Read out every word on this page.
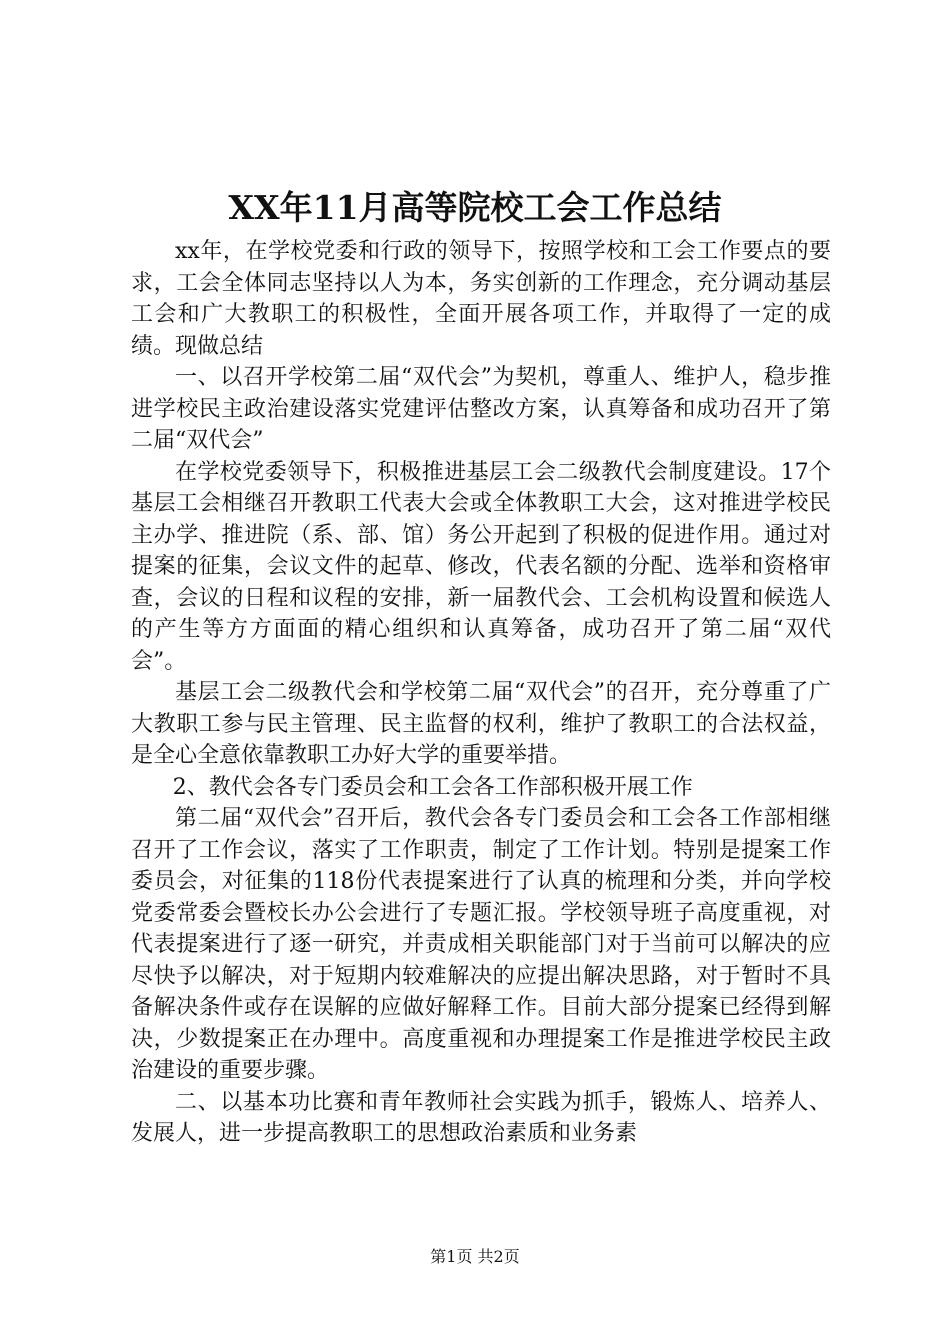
XX年11月高等院校工会工作总结

xx年，在学校党委和行政的领导下，按照学校和工会工作要点的要求，工会全体同志坚持以人为本，务实创新的工作理念，充分调动基层工会和广大教职工的积极性，全面开展各项工作，并取得了一定的成绩。现做总结

一、以召开学校第二届“双代会”为契机，尊重人、维护人，稳步推进学校民主政治建设落实党建评估整改方案，认真筹备和成功召开了第二届“双代会”

在学校党委领导下，积极推进基层工会二级教代会制度建设。17个基层工会相继召开教职工代表大会或全体教职工大会，这对推进学校民主办学、推进院（系、部、馆）务公开起到了积极的促进作用。通过对提案的征集，会议文件的起草、修改，代表名额的分配、选举和资格审查，会议的日程和议程的安排，新一届教代会、工会机构设置和候选人的产生等方方面面的精心组织和认真筹备，成功召开了第二届“双代会”。

基层工会二级教代会和学校第二届“双代会”的召开，充分尊重了广大教职工参与民主管理、民主监督的权利，维护了教职工的合法权益，是全心全意依靠教职工办好大学的重要举措。

2、教代会各专门委员会和工会各工作部积极开展工作

第二届“双代会”召开后，教代会各专门委员会和工会各工作部相继召开了工作会议，落实了工作职责，制定了工作计划。特别是提案工作委员会，对征集的118份代表提案进行了认真的梳理和分类，并向学校党委常委会暨校长办公会进行了专题汇报。学校领导班子高度重视，对代表提案进行了逐一研究，并责成相关职能部门对于当前可以解决的应尽快予以解决，对于短期内较难解决的应提出解决思路，对于暂时不具备解决条件或存在误解的应做好解释工作。目前大部分提案已经得到解决，少数提案正在办理中。高度重视和办理提案工作是推进学校民主政治建设的重要步骤。

二、以基本功比赛和青年教师社会实践为抓手，锻炼人、培养人、发展人，进一步提高教职工的思想政治素质和业务素

第1页 共2页
